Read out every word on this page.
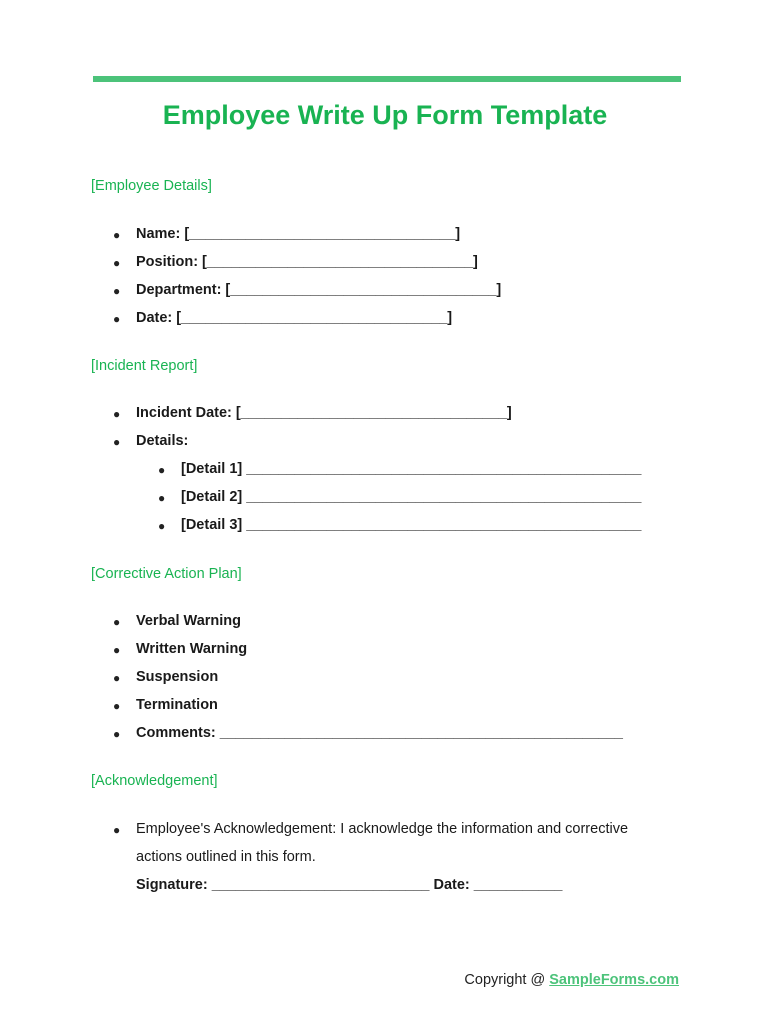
Employee Write Up Form Template
[Employee Details]
● Name: [_________________________________]
● Position: [_________________________________]
● Department: [_________________________________]
● Date: [_________________________________]
[Incident Report]
● Incident Date: [_________________________________]
● Details:
● [Detail 1] _________________________________________________
● [Detail 2] _________________________________________________
● [Detail 3] _________________________________________________
[Corrective Action Plan]
● Verbal Warning
● Written Warning
● Suspension
● Termination
● Comments: __________________________________________________
[Acknowledgement]
● Employee's Acknowledgement: I acknowledge the information and corrective
actions outlined in this form.
Signature: ___________________________ Date: ___________
Copyright @ SampleForms.com
